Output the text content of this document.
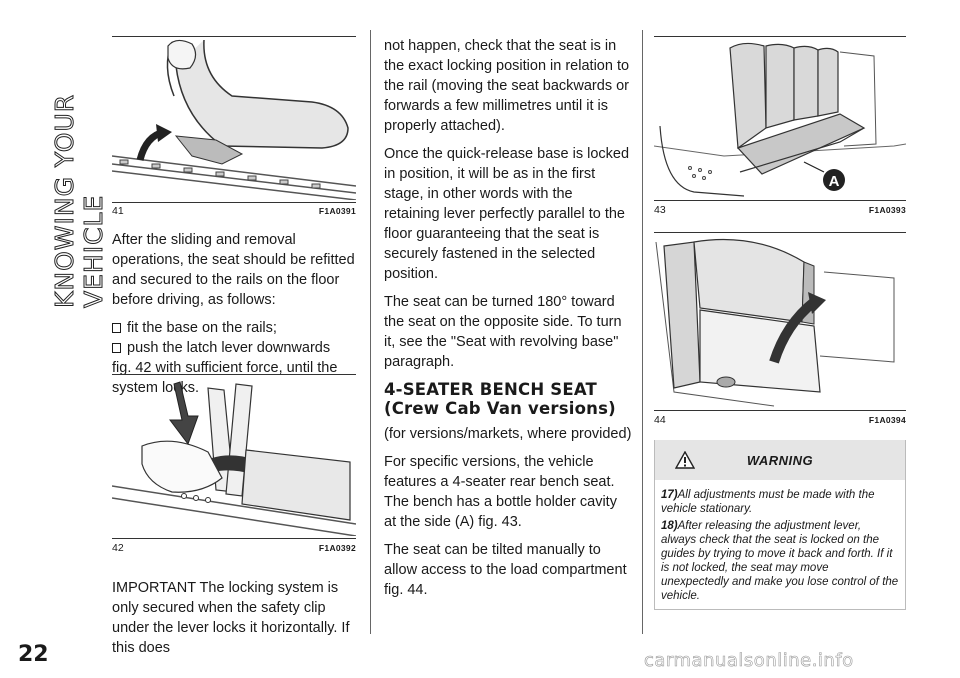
KNOWING YOUR VEHICLE 41	F1A0391

After the sliding and removal operations, the seat should be refitted and secured to the rails on the floor before driving, as follows:

fit the base on the rails;
push the latch lever downwards

fig. 42 with sufficient force, until the system locks.

42	F1A0392

IMPORTANT The locking system is only secured when the safety clip under the lever locks it horizontally. If this does

not happen, check that the seat is in the exact locking position in relation to the rail (moving the seat backwards or forwards a few millimetres until it is properly attached).

Once the quick-release base is locked in position, it will be as in the first stage, in other words with the retaining lever perfectly parallel to the floor guaranteeing that the seat is securely fastened in the selected position.

The seat can be turned 180° toward the seat on the opposite side. To turn it, see the "Seat with revolving base" paragraph.

4-SEATER BENCH SEAT (Crew Cab Van versions)

(for versions/markets, where provided)

For specific versions, the vehicle features a 4-seater rear bench seat. The bench has a bottle holder cavity at the side (A) fig. 43.

The seat can be tilted manually to allow access to the load compartment fig. 44.

A
43	F1A0393
44	F1A0394
WARNING

17)All adjustments must be made with the vehicle stationary.

18)After releasing the adjustment lever, always check that the seat is locked on the guides by trying to move it back and forth. If it is not locked, the seat may move unexpectedly and make you lose control of the vehicle.

22	carmanualsonline.info
